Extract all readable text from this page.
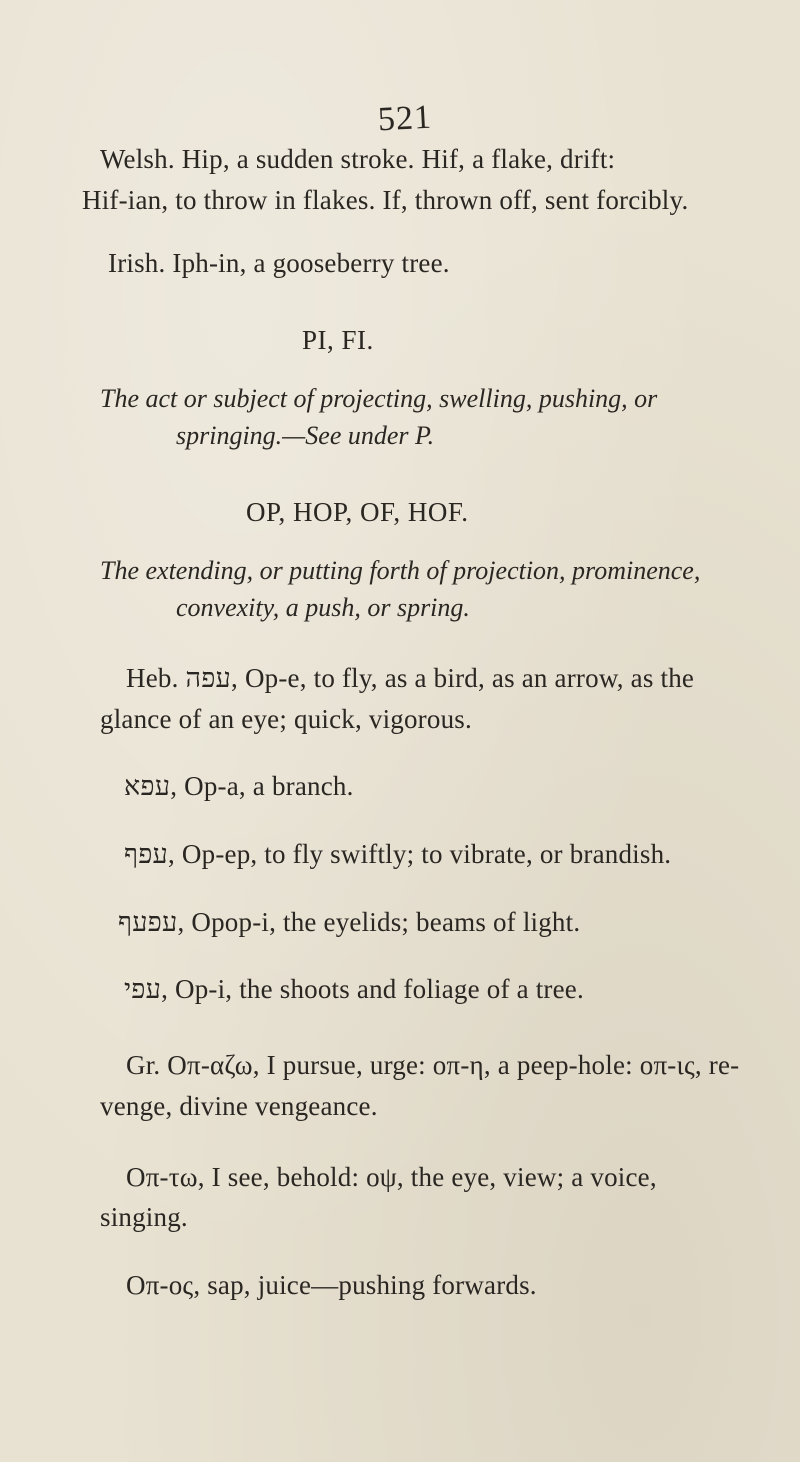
521
Welsh. Hip, a sudden stroke. Hif, a flake, drift:
Hif-ian, to throw in flakes. If, thrown off, sent forcibly.
Irish. Iph-in, a gooseberry tree.
PI, FI.
The act or subject of projecting, swelling, pushing, or
springing.—See under P.
OP, HOP, OF, HOF.
The extending, or putting forth of projection, prominence,
convexity, a push, or spring.
Heb. עפה, Op-e, to fly, as a bird, as an arrow, as the
glance of an eye; quick, vigorous.
עפא, Op-a, a branch.
עפף, Op-ep, to fly swiftly; to vibrate, or brandish.
עפעף, Opop-i, the eyelids; beams of light.
עפי, Op-i, the shoots and foliage of a tree.
Gr. Οπ-αζω, I pursue, urge: οπ-η, a peep-hole: οπ-ις, re-
venge, divine vengeance.
Οπ-τω, I see, behold: οψ, the eye, view; a voice,
singing.
Οπ-ος, sap, juice—pushing forwards.
